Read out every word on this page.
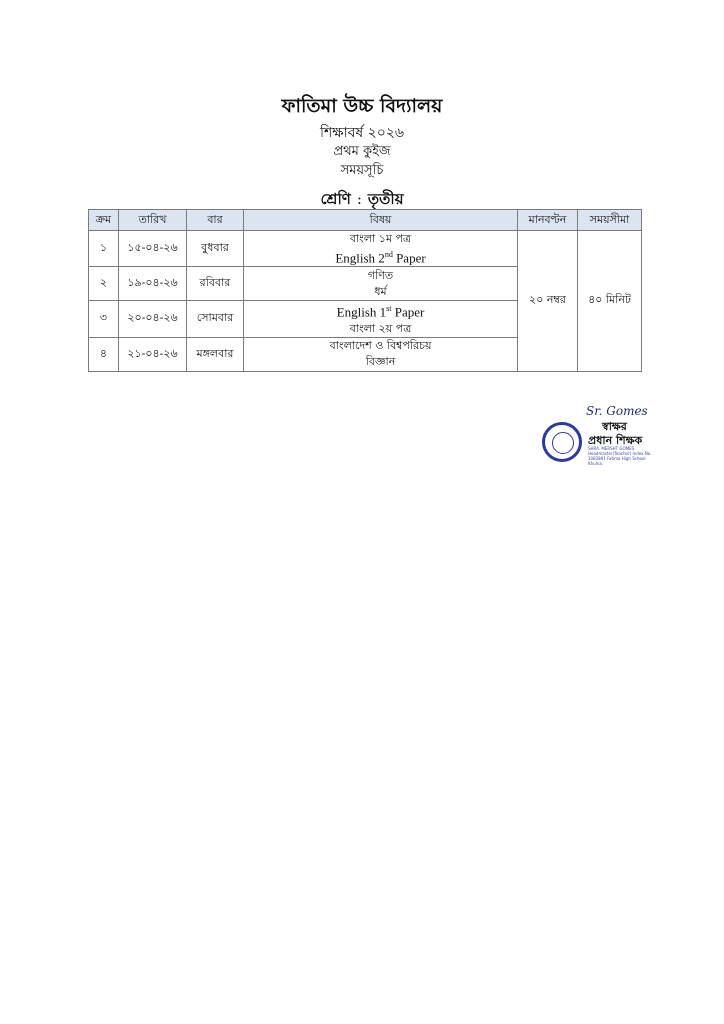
ফাতিমা উচ্চ বিদ্যালয়
শিক্ষাবর্ষ ২০২৬
প্রথম কুইজ
সময়সূচি
শ্রেণি : তৃতীয়
ক্রম	তারিখ	বার	বিষয়	মানবণ্টন	সময়সীমা
১	১৫-০৪-২৬	বুধবার	বাংলা ১ম পত্র
English 2nd Paper	২০ নম্বর	৪০ মিনিট
২	১৯-০৪-২৬	রবিবার	গণিত
ধর্ম		

৩	২০-০৪-২৬	সোমবার	English 1st Paper
বাংলা ২য় পত্র		

৪	২১-০৪-২৬	মঙ্গলবার	বাংলাদেশ ও বিশ্বপরিচয়
বিজ্ঞান		
Sr. Gomes
স্বাক্ষর
প্রধান শিক্ষক
SHRA. MERSHT GOMES Headmaster(Teacher) Index No. 1083891 Fatima High School Khulna.
